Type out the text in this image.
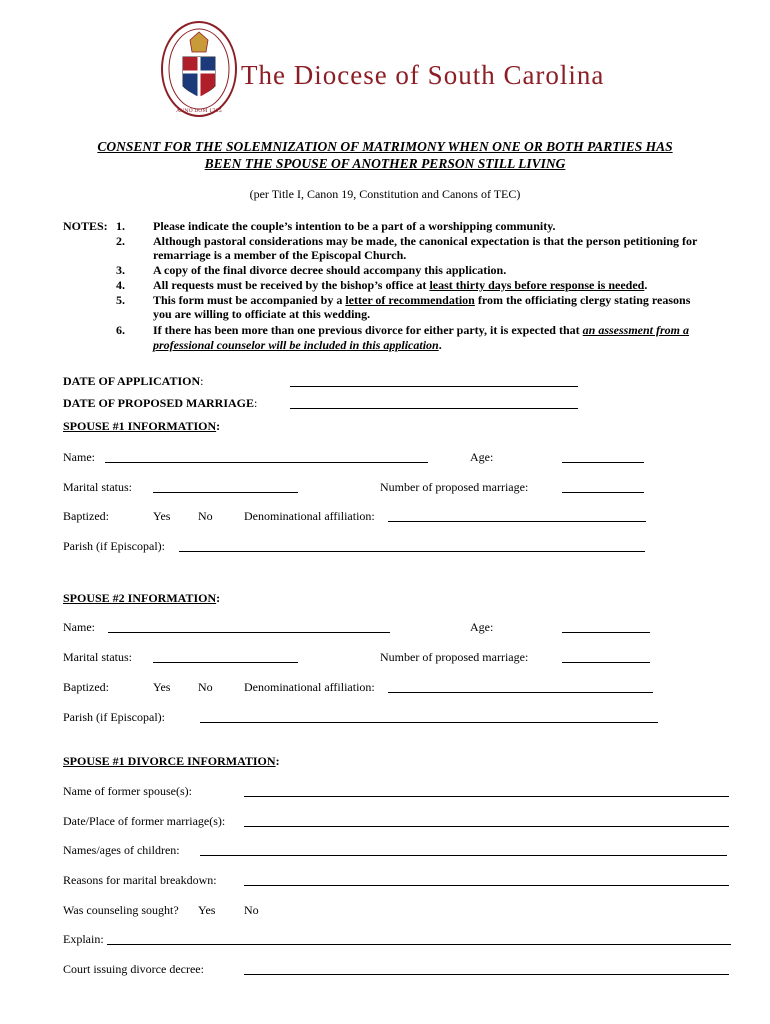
ANNO DOM 1785
The Diocese of South Carolina
CONSENT FOR THE SOLEMNIZATION OF MATRIMONY WHEN ONE OR BOTH PARTIES HAS
BEEN THE SPOUSE OF ANOTHER PERSON STILL LIVING
(per Title I, Canon 19, Constitution and Canons of TEC)
NOTES: 1. Please indicate the couple’s intention to be a part of a worshipping community.
2. Although pastoral considerations may be made, the canonical expectation is that the person petitioning for
remarriage is a member of the Episcopal Church.
3. A copy of the final divorce decree should accompany this application.
4. All requests must be received by the bishop’s office at least thirty days before response is needed.
5. This form must be accompanied by a letter of recommendation from the officiating clergy stating reasons
you are willing to officiate at this wedding.
6. If there has been more than one previous divorce for either party, it is expected that an assessment from a
professional counselor will be included in this application.
DATE OF APPLICATION:
DATE OF PROPOSED MARRIAGE:
SPOUSE #1 INFORMATION:
Name:	Age:
Marital status:	Number of proposed marriage:
Baptized:	Yes No	Denominational affiliation:
Parish (if Episcopal):
SPOUSE #2 INFORMATION:
Name:	Age:
Marital status:	Number of proposed marriage:
Baptized:	Yes No	Denominational affiliation:
Parish (if Episcopal):
SPOUSE #1 DIVORCE INFORMATION:
Name of former spouse(s):
Date/Place of former marriage(s):
Names/ages of children:
Reasons for marital breakdown:
Was counseling sought? Yes No
Explain:
Court issuing divorce decree:
